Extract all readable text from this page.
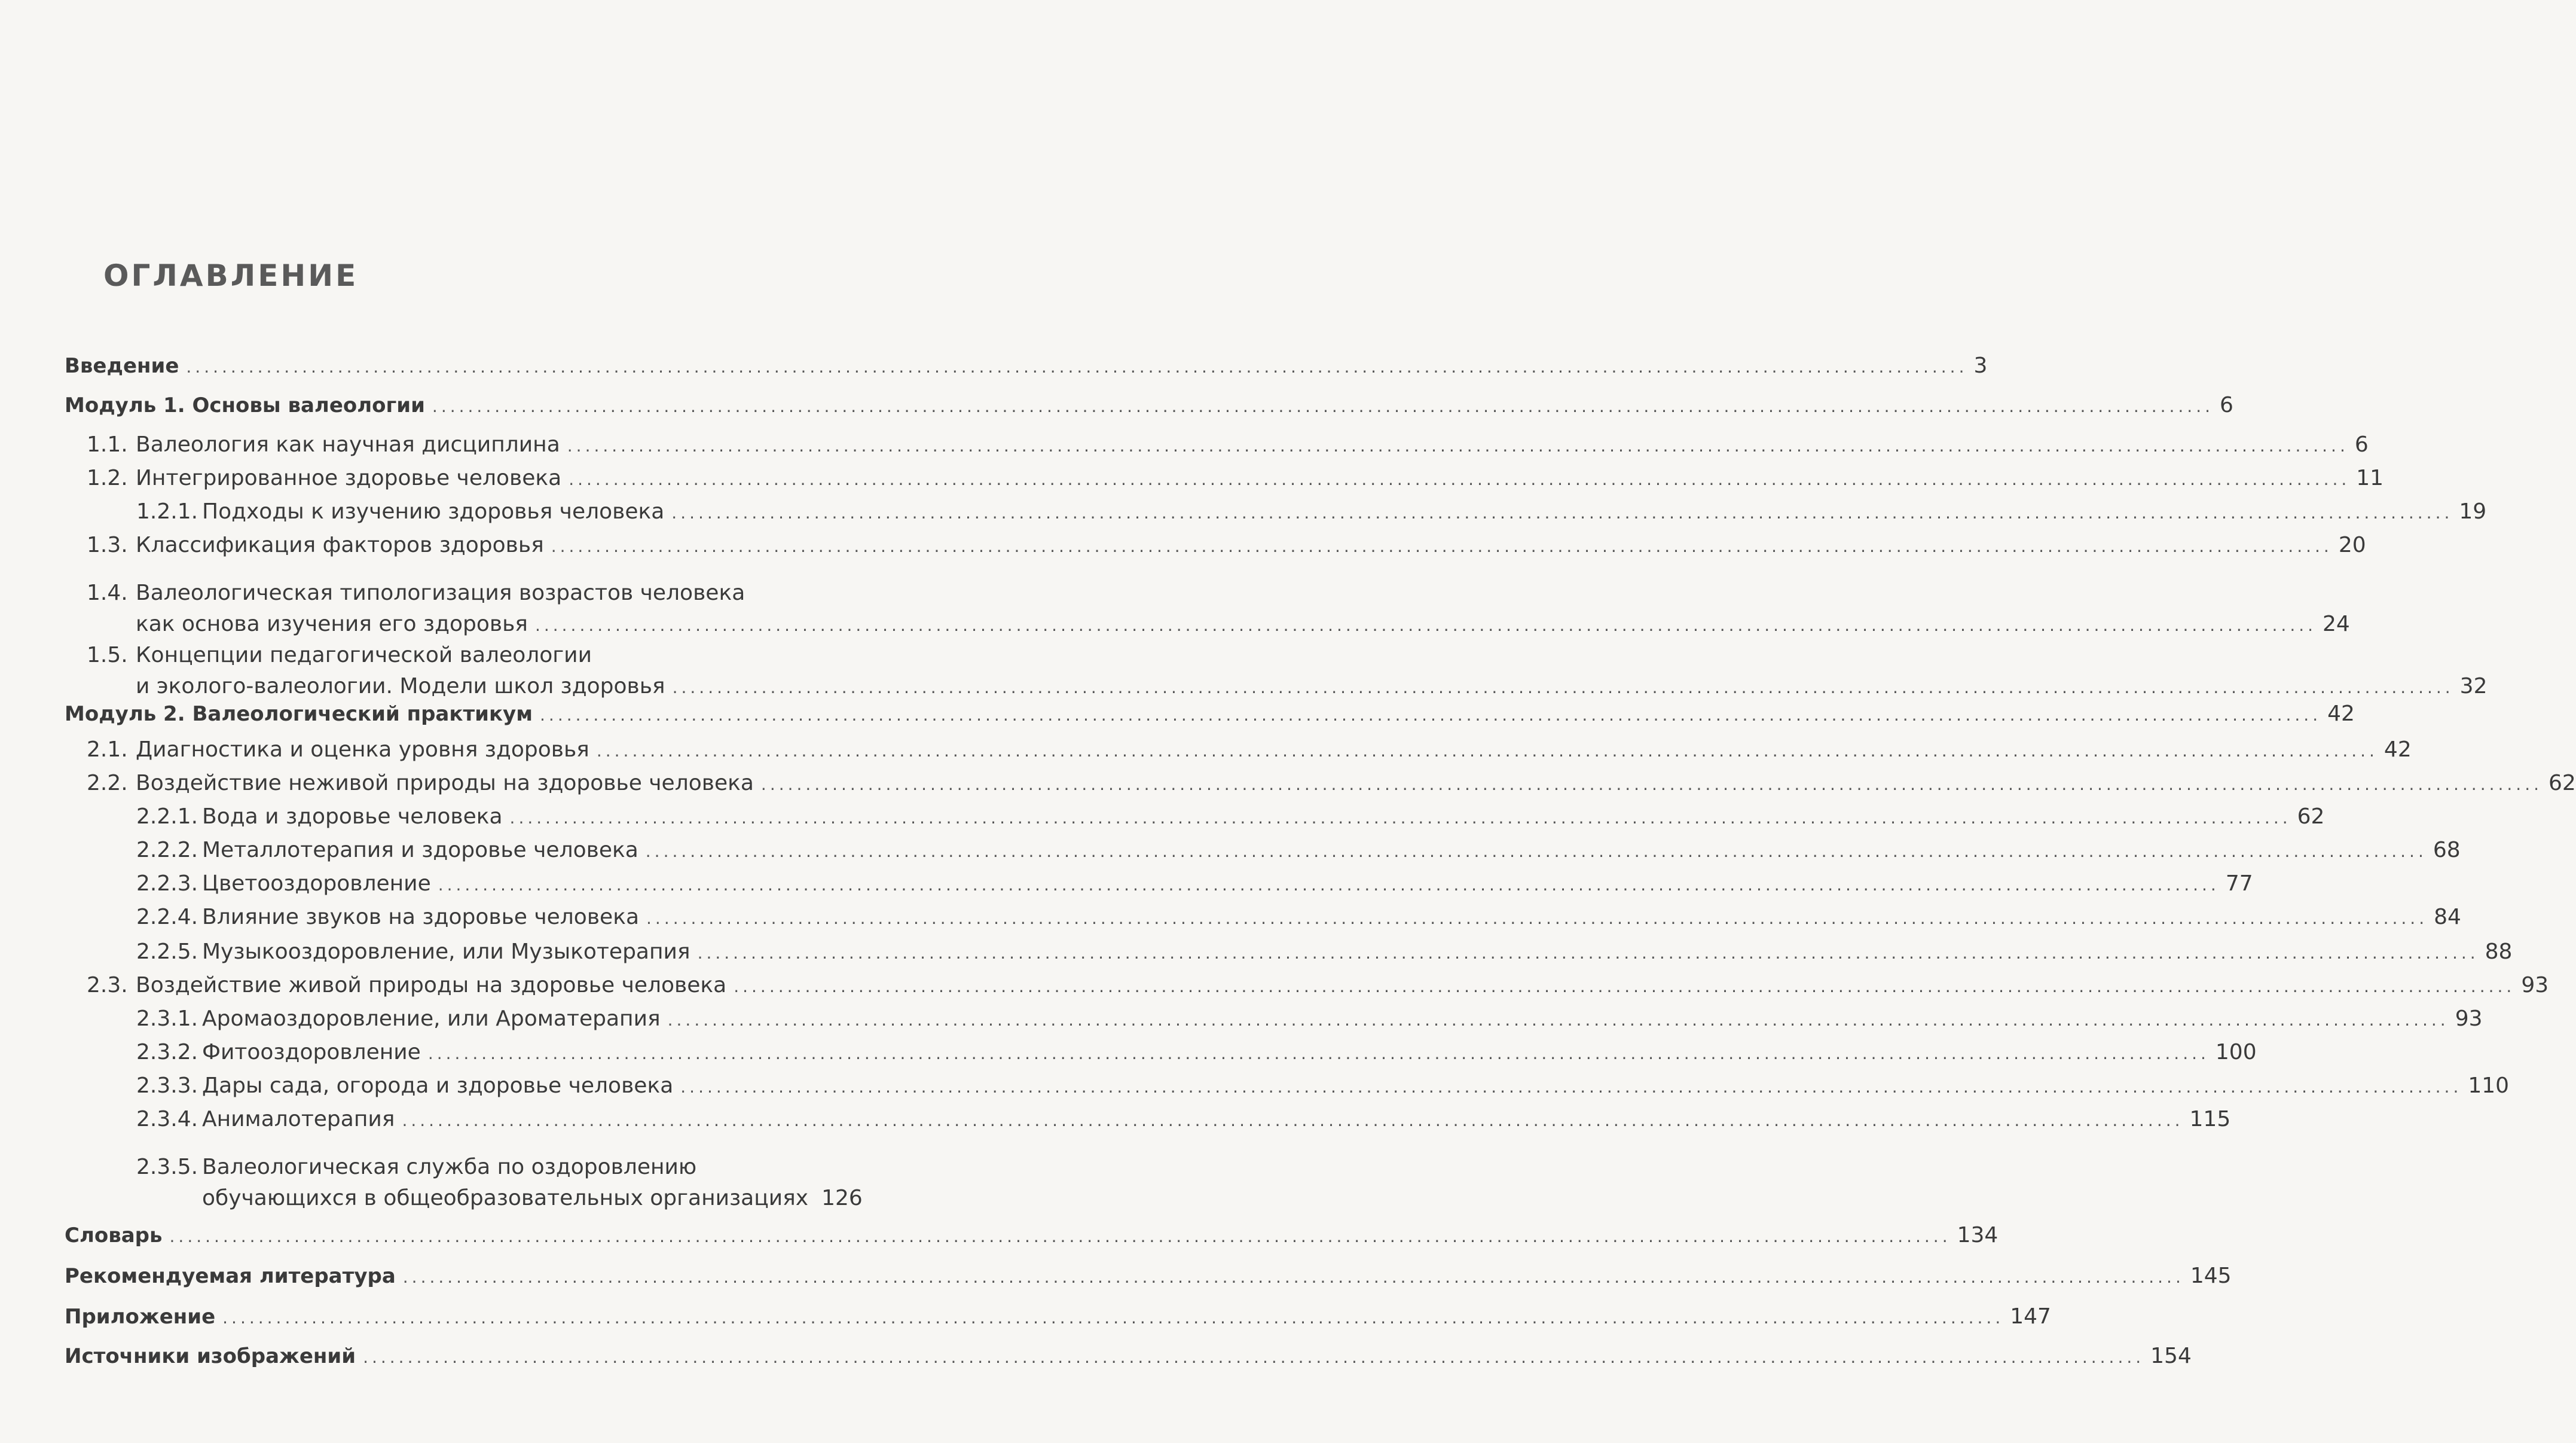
ОГЛАВЛЕНИЕ
Введение ........................................................................................................................................................................................................ 3
Модуль 1. Основы валеологии ........................................................................................................................................................................................................ 6
1.1. Валеология как научная дисциплина ........................................................................................................................................................................................................ 6
1.2. Интегрированное здоровье человека ........................................................................................................................................................................................................ 11
1.2.1. Подходы к изучению здоровья человека ........................................................................................................................................................................................................ 19
1.3. Классификация факторов здоровья ........................................................................................................................................................................................................ 20
1.4. Валеологическая типологизация возрастов человека
как основа изучения его здоровья ........................................................................................................................................................................................................ 24
1.5. Концепции педагогической валеологии
и эколого-валеологии. Модели школ здоровья ........................................................................................................................................................................................................ 32
Модуль 2. Валеологический практикум ........................................................................................................................................................................................................ 42
2.1. Диагностика и оценка уровня здоровья ........................................................................................................................................................................................................ 42
2.2. Воздействие неживой природы на здоровье человека ........................................................................................................................................................................................................ 62
2.2.1. Вода и здоровье человека ........................................................................................................................................................................................................ 62
2.2.2. Металлотерапия и здоровье человека ........................................................................................................................................................................................................ 68
2.2.3. Цветооздоровление ........................................................................................................................................................................................................ 77
2.2.4. Влияние звуков на здоровье человека ........................................................................................................................................................................................................ 84
2.2.5. Музыкооздоровление, или Музыкотерапия ........................................................................................................................................................................................................ 88
2.3. Воздействие живой природы на здоровье человека ........................................................................................................................................................................................................ 93
2.3.1. Аромаоздоровление, или Ароматерапия ........................................................................................................................................................................................................ 93
2.3.2. Фитооздоровление ........................................................................................................................................................................................................ 100
2.3.3. Дары сада, огорода и здоровье человека ........................................................................................................................................................................................................ 110
2.3.4. Анималотерапия ........................................................................................................................................................................................................ 115
2.3.5. Валеологическая служба по оздоровлению
обучающихся в общеобразовательных организациях 126
Словарь ........................................................................................................................................................................................................ 134
Рекомендуемая литература ........................................................................................................................................................................................................ 145
Приложение ........................................................................................................................................................................................................ 147
Источники изображений ........................................................................................................................................................................................................ 154
